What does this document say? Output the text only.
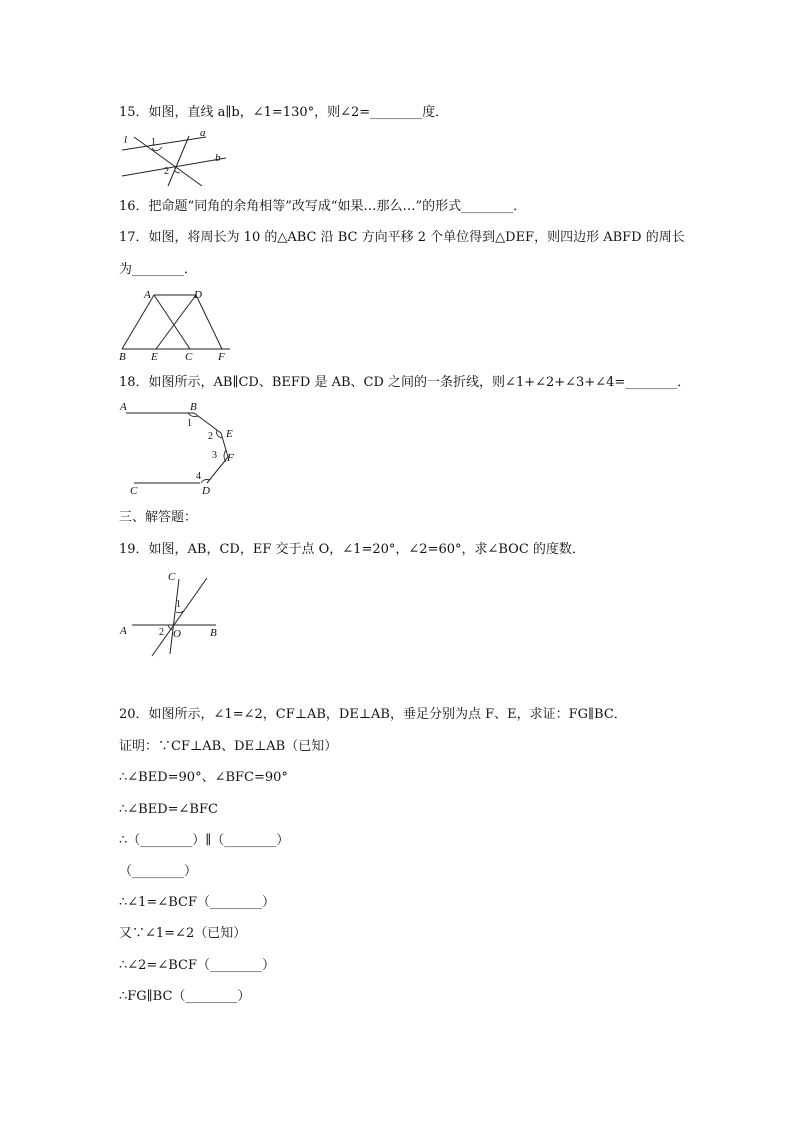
15．如图，直线 a∥b，∠1=130°，则∠2=________度．
l
a
b
1
2
16．把命题“同角的余角相等”改写成“如果…那么…”的形式________．
17．如图，将周长为 10 的△ABC 沿 BC 方向平移 2 个单位得到△DEF，则四边形 ABFD 的周长
为________．
A	D
B E C F
18．如图所示，AB∥CD、BEFD 是 AB、CD 之间的一条折线，则∠1+∠2+∠3+∠4=________．
A	B
C	D
E
F
1
2
3
4
三、解答题：
19．如图，AB，CD，EF 交于点 O，∠1=20°，∠2=60°，求∠BOC 的度数．
A	B
C
O
1
2
20．如图所示，∠1=∠2，CF⊥AB，DE⊥AB，垂足分别为点 F、E，求证：FG∥BC．
证明：∵CF⊥AB、DE⊥AB（已知）
∴∠BED=90°、∠BFC=90°
∴∠BED=∠BFC
∴（________）∥（________）
（________）
∴∠1=∠BCF（________）
又∵∠1=∠2（已知）
∴∠2=∠BCF（________）
∴FG∥BC（________）
